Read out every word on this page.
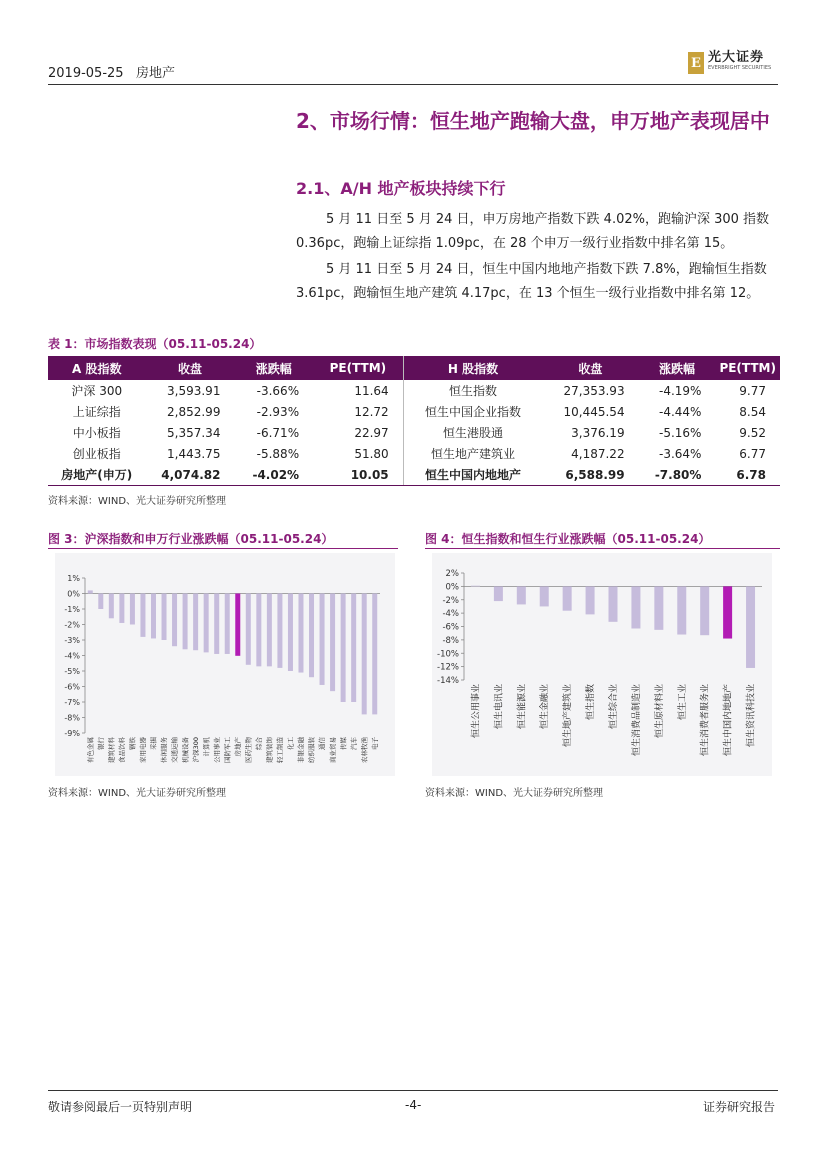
2019-05-25 房地产
E 光大证券
EVERBRIGHT SECURITIES
2、市场行情：恒生地产跑输大盘，申万地产表现居中
2.1、A/H 地产板块持续下行
5 月 11 日至 5 月 24 日，申万房地产指数下跌 4.02%，跑输沪深 300 指数 0.36pc，跑输上证综指 1.09pc，在 28 个申万一级行业指数中排名第 15。
5 月 11 日至 5 月 24 日，恒生中国内地地产指数下跌 7.8%，跑输恒生指数 3.61pc，跑输恒生地产建筑 4.17pc，在 13 个恒生一级行业指数中排名第 12。
表 1：市场指数表现（05.11-05.24）
A 股指数	收盘	涨跌幅	PE(TTM)	H 股指数	收盘	涨跌幅	PE(TTM)
沪深 300	3,593.91	-3.66%	11.64	恒生指数	27,353.93	-4.19%	9.77
上证综指	2,852.99	-2.93%	12.72	恒生中国企业指数	10,445.54	-4.44%	8.54
中小板指	5,357.34	-6.71%	22.97	恒生港股通	3,376.19	-5.16%	9.52
创业板指	1,443.75	-5.88%	51.80	恒生地产建筑业	4,187.22	-3.64%	6.77
房地产(申万)	4,074.82	-4.02%	10.05	恒生中国内地地产	6,588.99	-7.80%	6.78
资料来源：WIND、光大证券研究所整理
图 3：沪深指数和申万行业涨跌幅（05.11-05.24）
1%
0%
-1%
-2%
-3%
-4%
-5%
-6%
-7%
-8%
-9%
有色金属 银行 建筑材料 食品饮料 钢铁 家用电器 采掘 休闲服务 交通运输 机械设备 沪深300 计算机 公用事业 国防军工 房地产 医药生物 综合 建筑装饰 轻工制造 化工 非银金融 纺织服装 通信 商业贸易 传媒 汽车 农林牧渔 电子
资料来源：WIND、光大证券研究所整理
图 4：恒生指数和恒生行业涨跌幅（05.11-05.24）
2%
0%
-2%
-4%
-6%
-8%
-10%
-12%
-14%
恒生公用事业 恒生电讯业 恒生能源业 恒生金融业 恒生地产建筑业 恒生指数 恒生综合业 恒生消费品制造业 恒生原材料业 恒生工业 恒生消费者服务业 恒生中国内地地产 恒生资讯科技业
资料来源：WIND、光大证券研究所整理
敬请参阅最后一页特别声明	-4-	证券研究报告
